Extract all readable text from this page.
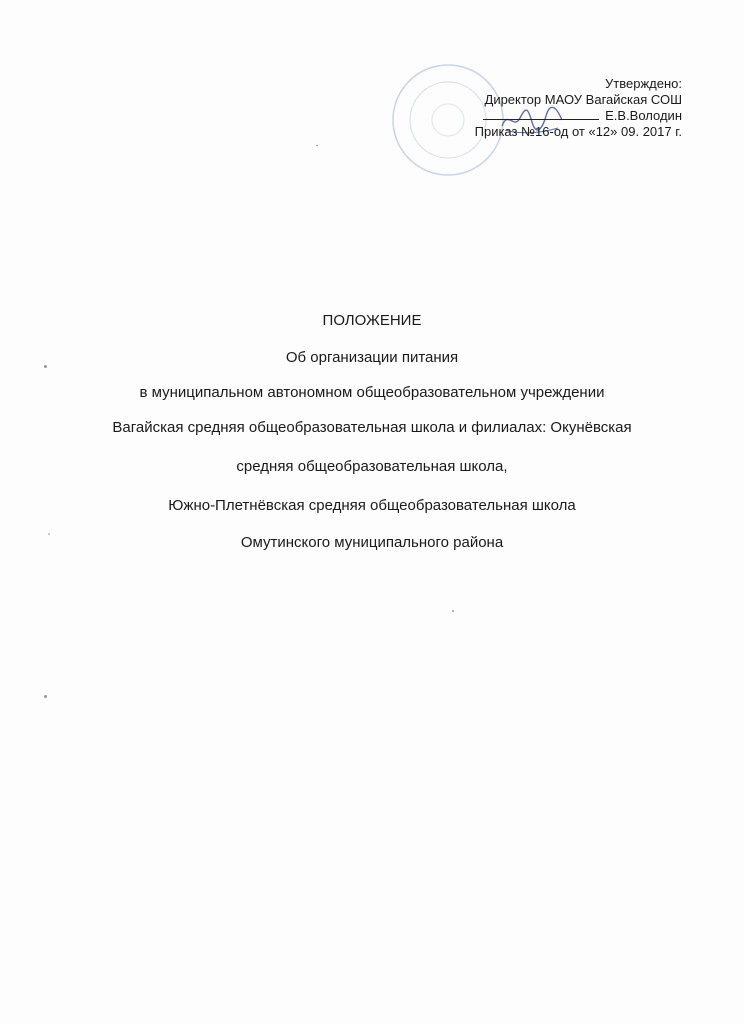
Утверждено:
Директор МАОУ Вагайская СОШ
Е.В.Володин
Приказ №16-од от «12» 09. 2017 г.
ПОЛОЖЕНИЕ
Об организации питания
в муниципальном автономном общеобразовательном учреждении
Вагайская средняя общеобразовательная школа и филиалах: Окунёвская
средняя общеобразовательная школа,
Южно-Плетнёвская средняя общеобразовательная школа
Омутинского муниципального района
